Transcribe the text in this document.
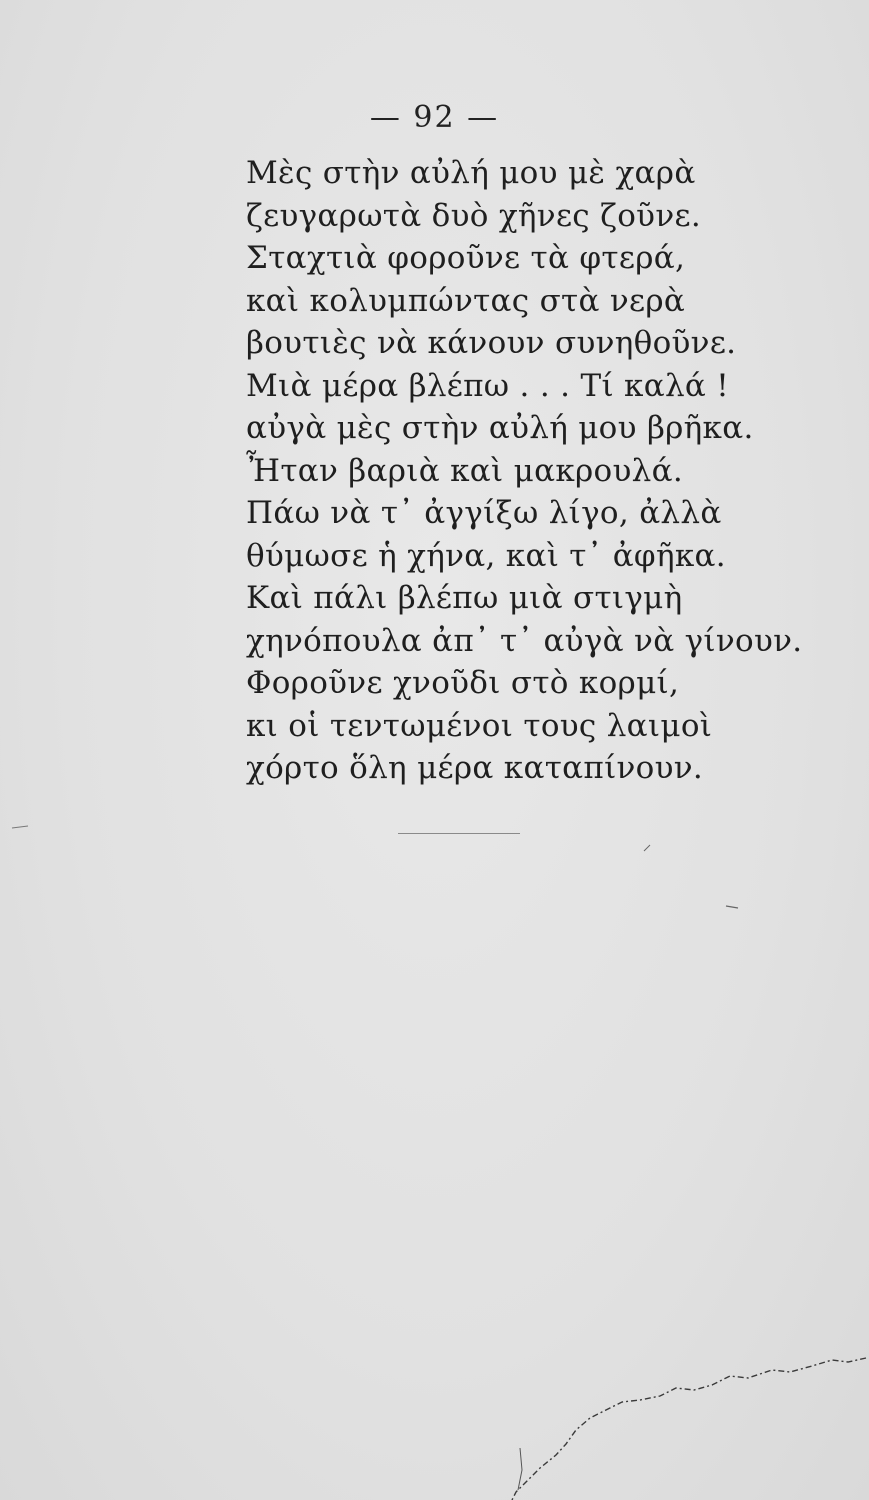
— 92 —
Μὲς στὴν αὐλή μου μὲ χαρὰ
ζευγαρωτὰ δυὸ χῆνες ζοῦνε.
Σταχτιὰ φοροῦνε τὰ φτερά,
καὶ κολυμπώντας στὰ νερὰ
βουτιὲς νὰ κάνουν συνηθοῦνε.
Μιὰ μέρα βλέπω . . . Τί καλά !
αὐγὰ μὲς στὴν αὐλή μου βρῆκα.
Ἦταν βαριὰ καὶ μακρουλά.
Πάω νὰ τ᾿ ἀγγίξω λίγο, ἀλλὰ
θύμωσε ἡ χήνα, καὶ τ᾿ ἀφῆκα.
Καὶ πάλι βλέπω μιὰ στιγμὴ
χηνόπουλα ἀπ᾿ τ᾿ αὐγὰ νὰ γίνουν.
Φοροῦνε χνοῦδι στὸ κορμί,
κι οἱ τεντωμένοι τους λαιμοὶ
χόρτο ὅλη μέρα καταπίνουν.
